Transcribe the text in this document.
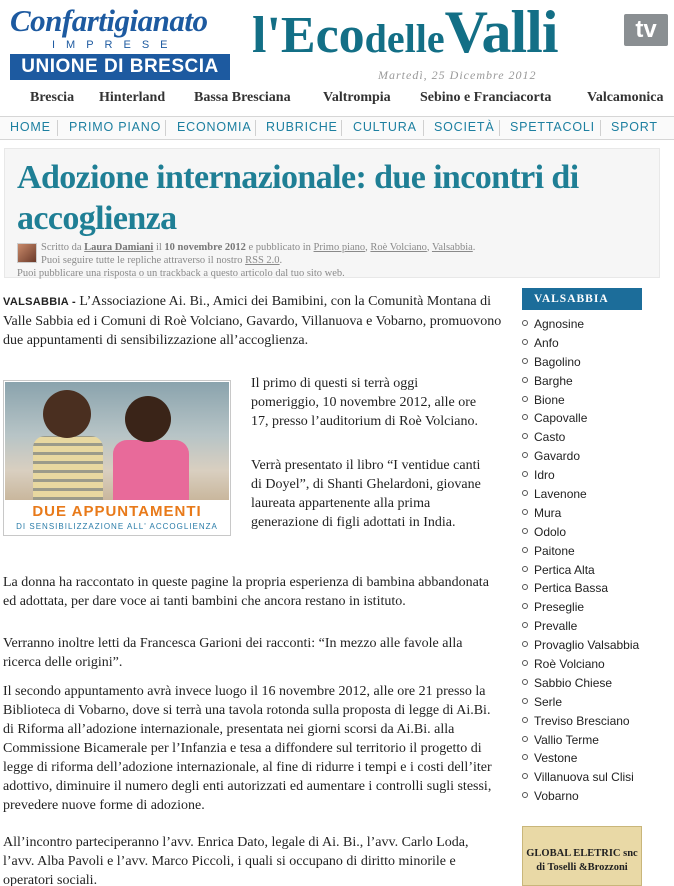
Confartigianato
IMPRESE
UNIONE DI BRESCIA
l'EcodelleValli	tv
Martedì, 25 Dicembre 2012
Brescia Hinterland Bassa Bresciana Valtrompia Sebino e Franciacorta	Valcamonica
HOME PRIMO PIANO ECONOMIA RUBRICHE CULTURA SOCIETÀ SPETTACOLI SPORT
Adozione internazionale: due incontri di accoglienza
Scritto da Laura Damiani il 10 novembre 2012 e pubblicato in Primo piano, Roè Volciano, Valsabbia.
Puoi seguire tutte le repliche attraverso il nostro RSS 2.0.
Puoi pubblicare una risposta o un trackback a questo articolo dal tuo sito web.

VALSABBIA - L’Associazione Ai. Bi., Amici dei Bamibini, con la Comunità Montana di Valle Sabbia ed i Comuni di Roè Volciano, Gavardo, Villanuova e Vobarno, promuovono due appuntamenti di sensibilizzazione all’accoglienza.

DUE APPUNTAMENTI
DI SENSIBILIZZAZIONE ALL' ACCOGLIENZA

Il primo di questi si terrà oggi pomeriggio, 10 novembre 2012, alle ore 17, presso l’auditorium di Roè Volciano.

Verrà presentato il libro “I ventidue canti di Doyel”, di Shanti Ghelardoni, giovane laureata appartenente alla prima generazione di figli adottati in India.

La donna ha raccontato in queste pagine la propria esperienza di bambina abbandonata ed adottata, per dare voce ai tanti bambini che ancora restano in istituto.

Verranno inoltre letti da Francesca Garioni dei racconti: “In mezzo alle favole alla ricerca delle origini”.

Il secondo appuntamento avrà invece luogo il 16 novembre 2012, alle ore 21 presso la Biblioteca di Vobarno, dove si terrà una tavola rotonda sulla proposta di legge di Ai.Bi. di Riforma all’adozione internazionale, presentata nei giorni scorsi da Ai.Bi. alla Commissione Bicamerale per l’Infanzia e tesa a diffondere sul territorio il progetto di legge di riforma dell’adozione internazionale, al fine di ridurre i tempi e i costi dell’iter adottivo, diminuire il numero degli enti autorizzati ed aumentare i controlli sugli stessi, prevedere nuove forme di adozione.

All’incontro parteciperanno l’avv. Enrica Dato, legale di Ai. Bi., l’avv. Carlo Loda, l’avv. Alba Pavoli e l’avv. Marco Piccoli, i quali si occupano di diritto minorile e operatori sociali.

VALSABBIA
Agnosine
Anfo
Bagolino
Barghe
Bione
Capovalle
Casto
Gavardo
Idro
Lavenone
Mura
Odolo
Paitone
Pertica Alta
Pertica Bassa
Preseglie
Prevalle
Provaglio Valsabbia
Roè Volciano
Sabbio Chiese
Serle
Treviso Bresciano
Vallio Terme
Vestone
Villanuova sul Clisi
Vobarno
GLOBAL ELETRIC snc
di Toselli &Brozzoni
